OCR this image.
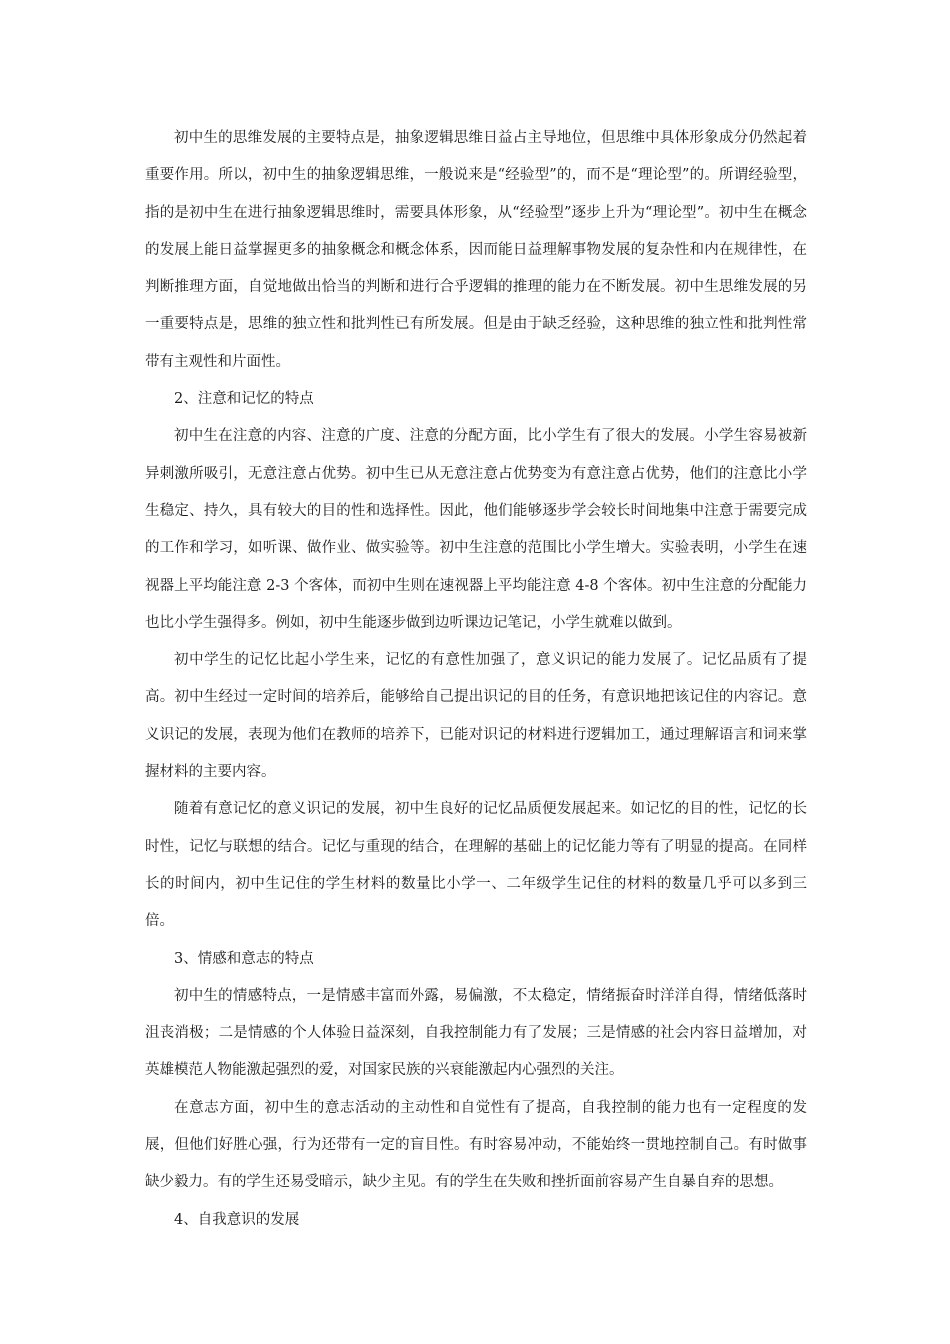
初中生的思维发展的主要特点是，抽象逻辑思维日益占主导地位，但思维中具体形象成分仍然起着重要作用。所以，初中生的抽象逻辑思维，一般说来是“经验型”的，而不是“理论型”的。所谓经验型，指的是初中生在进行抽象逻辑思维时，需要具体形象，从“经验型”逐步上升为“理论型”。初中生在概念的发展上能日益掌握更多的抽象概念和概念体系，因而能日益理解事物发展的复杂性和内在规律性，在判断推理方面，自觉地做出恰当的判断和进行合乎逻辑的推理的能力在不断发展。初中生思维发展的另一重要特点是，思维的独立性和批判性已有所发展。但是由于缺乏经验，这种思维的独立性和批判性常带有主观性和片面性。

2、注意和记忆的特点

初中生在注意的内容、注意的广度、注意的分配方面，比小学生有了很大的发展。小学生容易被新异刺激所吸引，无意注意占优势。初中生已从无意注意占优势变为有意注意占优势，他们的注意比小学生稳定、持久，具有较大的目的性和选择性。因此，他们能够逐步学会较长时间地集中注意于需要完成的工作和学习，如听课、做作业、做实验等。初中生注意的范围比小学生增大。实验表明，小学生在速视器上平均能注意 2-3 个客体，而初中生则在速视器上平均能注意 4-8 个客体。初中生注意的分配能力也比小学生强得多。例如，初中生能逐步做到边听课边记笔记，小学生就难以做到。

初中学生的记忆比起小学生来，记忆的有意性加强了，意义识记的能力发展了。记忆品质有了提高。初中生经过一定时间的培养后，能够给自己提出识记的目的任务，有意识地把该记住的内容记。意义识记的发展，表现为他们在教师的培养下，已能对识记的材料进行逻辑加工，通过理解语言和词来掌握材料的主要内容。

随着有意记忆的意义识记的发展，初中生良好的记忆品质便发展起来。如记忆的目的性，记忆的长时性，记忆与联想的结合。记忆与重现的结合，在理解的基础上的记忆能力等有了明显的提高。在同样长的时间内，初中生记住的学生材料的数量比小学一、二年级学生记住的材料的数量几乎可以多到三倍。

3、情感和意志的特点

初中生的情感特点，一是情感丰富而外露，易偏激，不太稳定，情绪振奋时洋洋自得，情绪低落时沮丧消极；二是情感的个人体验日益深刻，自我控制能力有了发展；三是情感的社会内容日益增加，对英雄模范人物能激起强烈的爱，对国家民族的兴衰能激起内心强烈的关注。

在意志方面，初中生的意志活动的主动性和自觉性有了提高，自我控制的能力也有一定程度的发展，但他们好胜心强，行为还带有一定的盲目性。有时容易冲动，不能始终一贯地控制自己。有时做事缺少毅力。有的学生还易受暗示，缺少主见。有的学生在失败和挫折面前容易产生自暴自弃的思想。

4、自我意识的发展
